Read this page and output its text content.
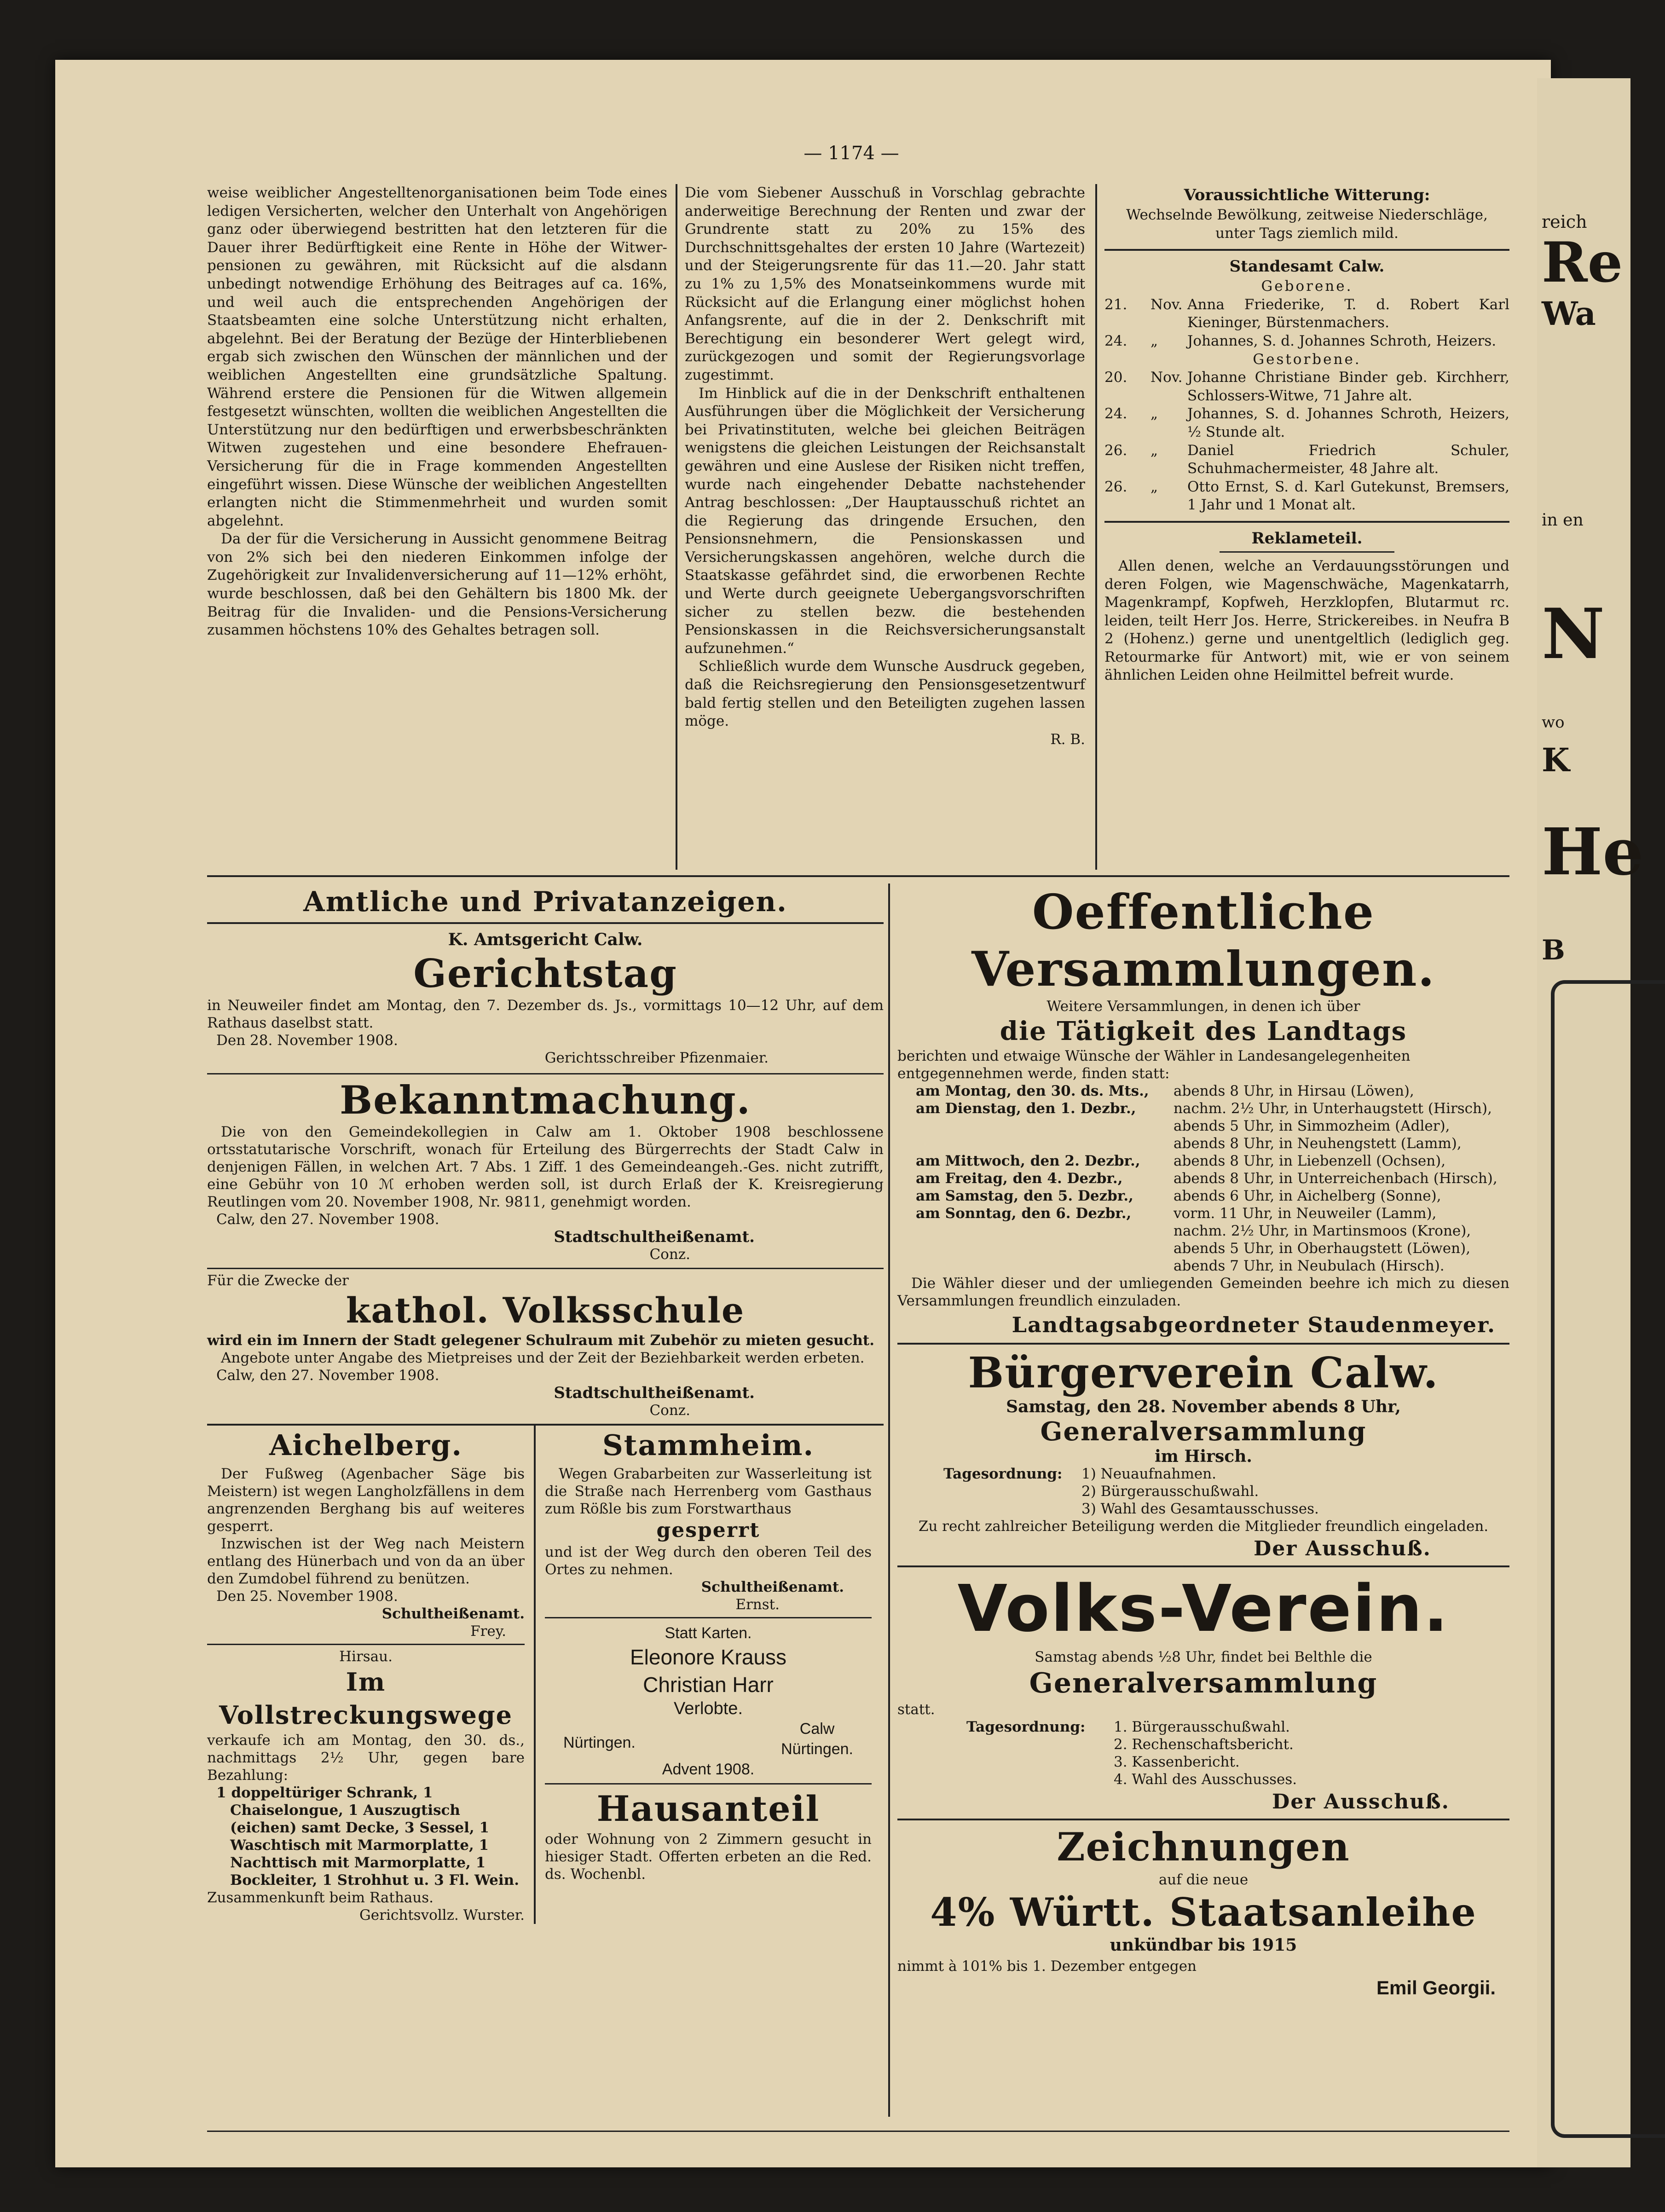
— 1174 —

weise weiblicher Angestelltenorganisationen beim Tode eines ledigen Versicherten, welcher den Unterhalt von Angehörigen ganz oder überwiegend bestritten hat den letzteren für die Dauer ihrer Bedürftigkeit eine Rente in Höhe der Witwer-pensionen zu gewähren, mit Rücksicht auf die alsdann unbedingt notwendige Erhöhung des Beitrages auf ca. 16%, und weil auch die entsprechenden Angehörigen der Staatsbeamten eine solche Unterstützung nicht erhalten, abgelehnt. Bei der Beratung der Bezüge der Hinterbliebenen ergab sich zwischen den Wünschen der männlichen und der weiblichen Angestellten eine grundsätzliche Spaltung. Während erstere die Pensionen für die Witwen allgemein festgesetzt wünschten, wollten die weiblichen Angestellten die Unterstützung nur den bedürftigen und erwerbsbeschränkten Witwen zugestehen und eine besondere Ehefrauen-Versicherung für die in Frage kommenden Angestellten eingeführt wissen. Diese Wünsche der weiblichen Angestellten erlangten nicht die Stimmenmehrheit und wurden somit abgelehnt.

Da der für die Versicherung in Aussicht genommene Beitrag von 2% sich bei den niederen Einkommen infolge der Zugehörigkeit zur Invalidenversicherung auf 11—12% erhöht, wurde beschlossen, daß bei den Gehältern bis 1800 Mk. der Beitrag für die Invaliden- und die Pensions-Versicherung zusammen höchstens 10% des Gehaltes betragen soll.

Die vom Siebener Ausschuß in Vorschlag gebrachte anderweitige Berechnung der Renten und zwar der Grundrente statt zu 20% zu 15% des Durchschnittsgehaltes der ersten 10 Jahre (Wartezeit) und der Steigerungsrente für das 11.—20. Jahr statt zu 1% zu 1,5% des Monatseinkommens wurde mit Rücksicht auf die Erlangung einer möglichst hohen Anfangsrente, auf die in der 2. Denkschrift mit Berechtigung ein besonderer Wert gelegt wird, zurückgezogen und somit der Regierungsvorlage zugestimmt.

Im Hinblick auf die in der Denkschrift enthaltenen Ausführungen über die Möglichkeit der Versicherung bei Privatinstituten, welche bei gleichen Beiträgen wenigstens die gleichen Leistungen der Reichsanstalt gewähren und eine Auslese der Risiken nicht treffen, wurde nach eingehender Debatte nachstehender Antrag beschlossen: „Der Hauptausschuß richtet an die Regierung das dringende Ersuchen, den Pensionsnehmern, die Pensionskassen und Versicherungskassen angehören, welche durch die Staatskasse gefährdet sind, die erworbenen Rechte und Werte durch geeignete Uebergangsvorschriften sicher zu stellen bezw. die bestehenden Pensionskassen in die Reichsversicherungsanstalt aufzunehmen.“

Schließlich wurde dem Wunsche Ausdruck gegeben, daß die Reichsregierung den Pensionsgesetzentwurf bald fertig stellen und den Beteiligten zugehen lassen möge.

R. B.
Voraussichtliche Witterung:
Wechselnde Bewölkung, zeitweise Niederschläge, unter Tags ziemlich mild.
Standesamt Calw.
Geborene.
21.	Nov. Anna Friederike, T. d. Robert Karl Kieninger, Bürstenmachers.
24.	„	Johannes, S. d. Johannes Schroth, Heizers.
Gestorbene.
20.	Nov. Johanne Christiane Binder geb. Kirchherr, Schlossers-Witwe, 71 Jahre alt.
24.	„	Johannes, S. d. Johannes Schroth, Heizers, ½ Stunde alt.
26.	„	Daniel Friedrich Schuler, Schuhmachermeister, 48 Jahre alt.
26.	„	Otto Ernst, S. d. Karl Gutekunst, Bremsers, 1 Jahr und 1 Monat alt.
Reklameteil.

Allen denen, welche an Verdauungsstörungen und deren Folgen, wie Magenschwäche, Magenkatarrh, Magenkrampf, Kopfweh, Herzklopfen, Blutarmut rc. leiden, teilt Herr Jos. Herre, Strickereibes. in Neufra B 2 (Hohenz.) gerne und unentgeltlich (lediglich geg. Retourmarke für Antwort) mit, wie er von seinem ähnlichen Leiden ohne Heilmittel befreit wurde.

Amtliche und Privatanzeigen.
K. Amtsgericht Calw.
Gerichtstag
in Neuweiler findet am Montag, den 7. Dezember ds. Js., vormittags 10—12 Uhr, auf dem Rathaus daselbst statt.
Den 28. November 1908.
Gerichtsschreiber Pfizenmaier.
Bekanntmachung.
Die von den Gemeindekollegien in Calw am 1. Oktober 1908 beschlossene ortsstatutarische Vorschrift, wonach für Erteilung des Bürgerrechts der Stadt Calw in denjenigen Fällen, in welchen Art. 7 Abs. 1 Ziff. 1 des Gemeindeangeh.-Ges. nicht zutrifft, eine Gebühr von 10 ℳ erhoben werden soll, ist durch Erlaß der K. Kreisregierung Reutlingen vom 20. November 1908, Nr. 9811, genehmigt worden.
Calw, den 27. November 1908.
Stadtschultheißenamt.
Conz.
Für die Zwecke der
kathol. Volksschule
wird ein im Innern der Stadt gelegener Schulraum mit Zubehör zu mieten gesucht.
Angebote unter Angabe des Mietpreises und der Zeit der Beziehbarkeit werden erbeten.
Calw, den 27. November 1908.
Stadtschultheißenamt.
Conz.
Aichelberg.
Der Fußweg (Agenbacher Säge bis Meistern) ist wegen Langholzfällens in dem angrenzenden Berghang bis auf weiteres gesperrt.
Inzwischen ist der Weg nach Meistern entlang des Hünerbach und von da an über den Zumdobel führend zu benützen.
Den 25. November 1908.
Schultheißenamt.
Frey.
Hirsau.
Im Vollstreckungswege
verkaufe ich am Montag, den 30. ds., nachmittags 2½ Uhr, gegen bare Bezahlung:
1 doppeltüriger Schrank, 1 Chaiselongue, 1 Auszugtisch (eichen) samt Decke, 3 Sessel, 1 Waschtisch mit Marmorplatte, 1 Nachttisch mit Marmorplatte, 1 Bockleiter, 1 Strohhut u. 3 Fl. Wein.
Zusammenkunft beim Rathaus.
Gerichtsvollz. Wurster.
Stammheim.
Wegen Grabarbeiten zur Wasserleitung ist die Straße nach Herrenberg vom Gasthaus zum Rößle bis zum Forstwarthaus
gesperrt
und ist der Weg durch den oberen Teil des Ortes zu nehmen.
Schultheißenamt.
Ernst.
Statt Karten.
Eleonore Krauss
Christian Harr
Verlobte.
Nürtingen.
Calw
Nürtingen.
Advent 1908.
Hausanteil
oder Wohnung von 2 Zimmern gesucht in hiesiger Stadt. Offerten erbeten an die Red. ds. Wochenbl.
Oeffentliche Versammlungen.
Weitere Versammlungen, in denen ich über
die Tätigkeit des Landtags
berichten und etwaige Wünsche der Wähler in Landesangelegenheiten entgegennehmen werde, finden statt:
am Montag, den 30. ds. Mts.,	abends 8 Uhr, in Hirsau (Löwen),
am Dienstag, den 1. Dezbr.,	nachm. 2½ Uhr, in Unterhaugstett (Hirsch),
abends 5 Uhr, in Simmozheim (Adler),
abends 8 Uhr, in Neuhengstett (Lamm),
am Mittwoch, den 2. Dezbr.,	abends 8 Uhr, in Liebenzell (Ochsen),
am Freitag, den 4. Dezbr.,	abends 8 Uhr, in Unterreichenbach (Hirsch),
am Samstag, den 5. Dezbr.,	abends 6 Uhr, in Aichelberg (Sonne),
am Sonntag, den 6. Dezbr.,	vorm. 11 Uhr, in Neuweiler (Lamm),
nachm. 2½ Uhr, in Martinsmoos (Krone),
abends 5 Uhr, in Oberhaugstett (Löwen),
abends 7 Uhr, in Neubulach (Hirsch).
Die Wähler dieser und der umliegenden Gemeinden beehre ich mich zu diesen Versammlungen freundlich einzuladen.
Landtagsabgeordneter Staudenmeyer.
Bürgerverein Calw.
Samstag, den 28. November abends 8 Uhr,
Generalversammlung
im Hirsch.
Tagesordnung:	1) Neuaufnahmen.
2) Bürgerausschußwahl.
3) Wahl des Gesamtausschusses.
Zu recht zahlreicher Beteiligung werden die Mitglieder freundlich eingeladen.
Der Ausschuß.
Volks-Verein.
Samstag abends ½8 Uhr, findet bei Belthle die
Generalversammlung
statt.
Tagesordnung:	1. Bürgerausschußwahl.
2. Rechenschaftsbericht.
3. Kassenbericht.
4. Wahl des Ausschusses.
Der Ausschuß.
Zeichnungen
auf die neue
4% Württ. Staatsanleihe
unkündbar bis 1915
nimmt à 101% bis 1. Dezember entgegen
Emil Georgii.
reich
Re
Wa
in en
N
wo
K
He
B
